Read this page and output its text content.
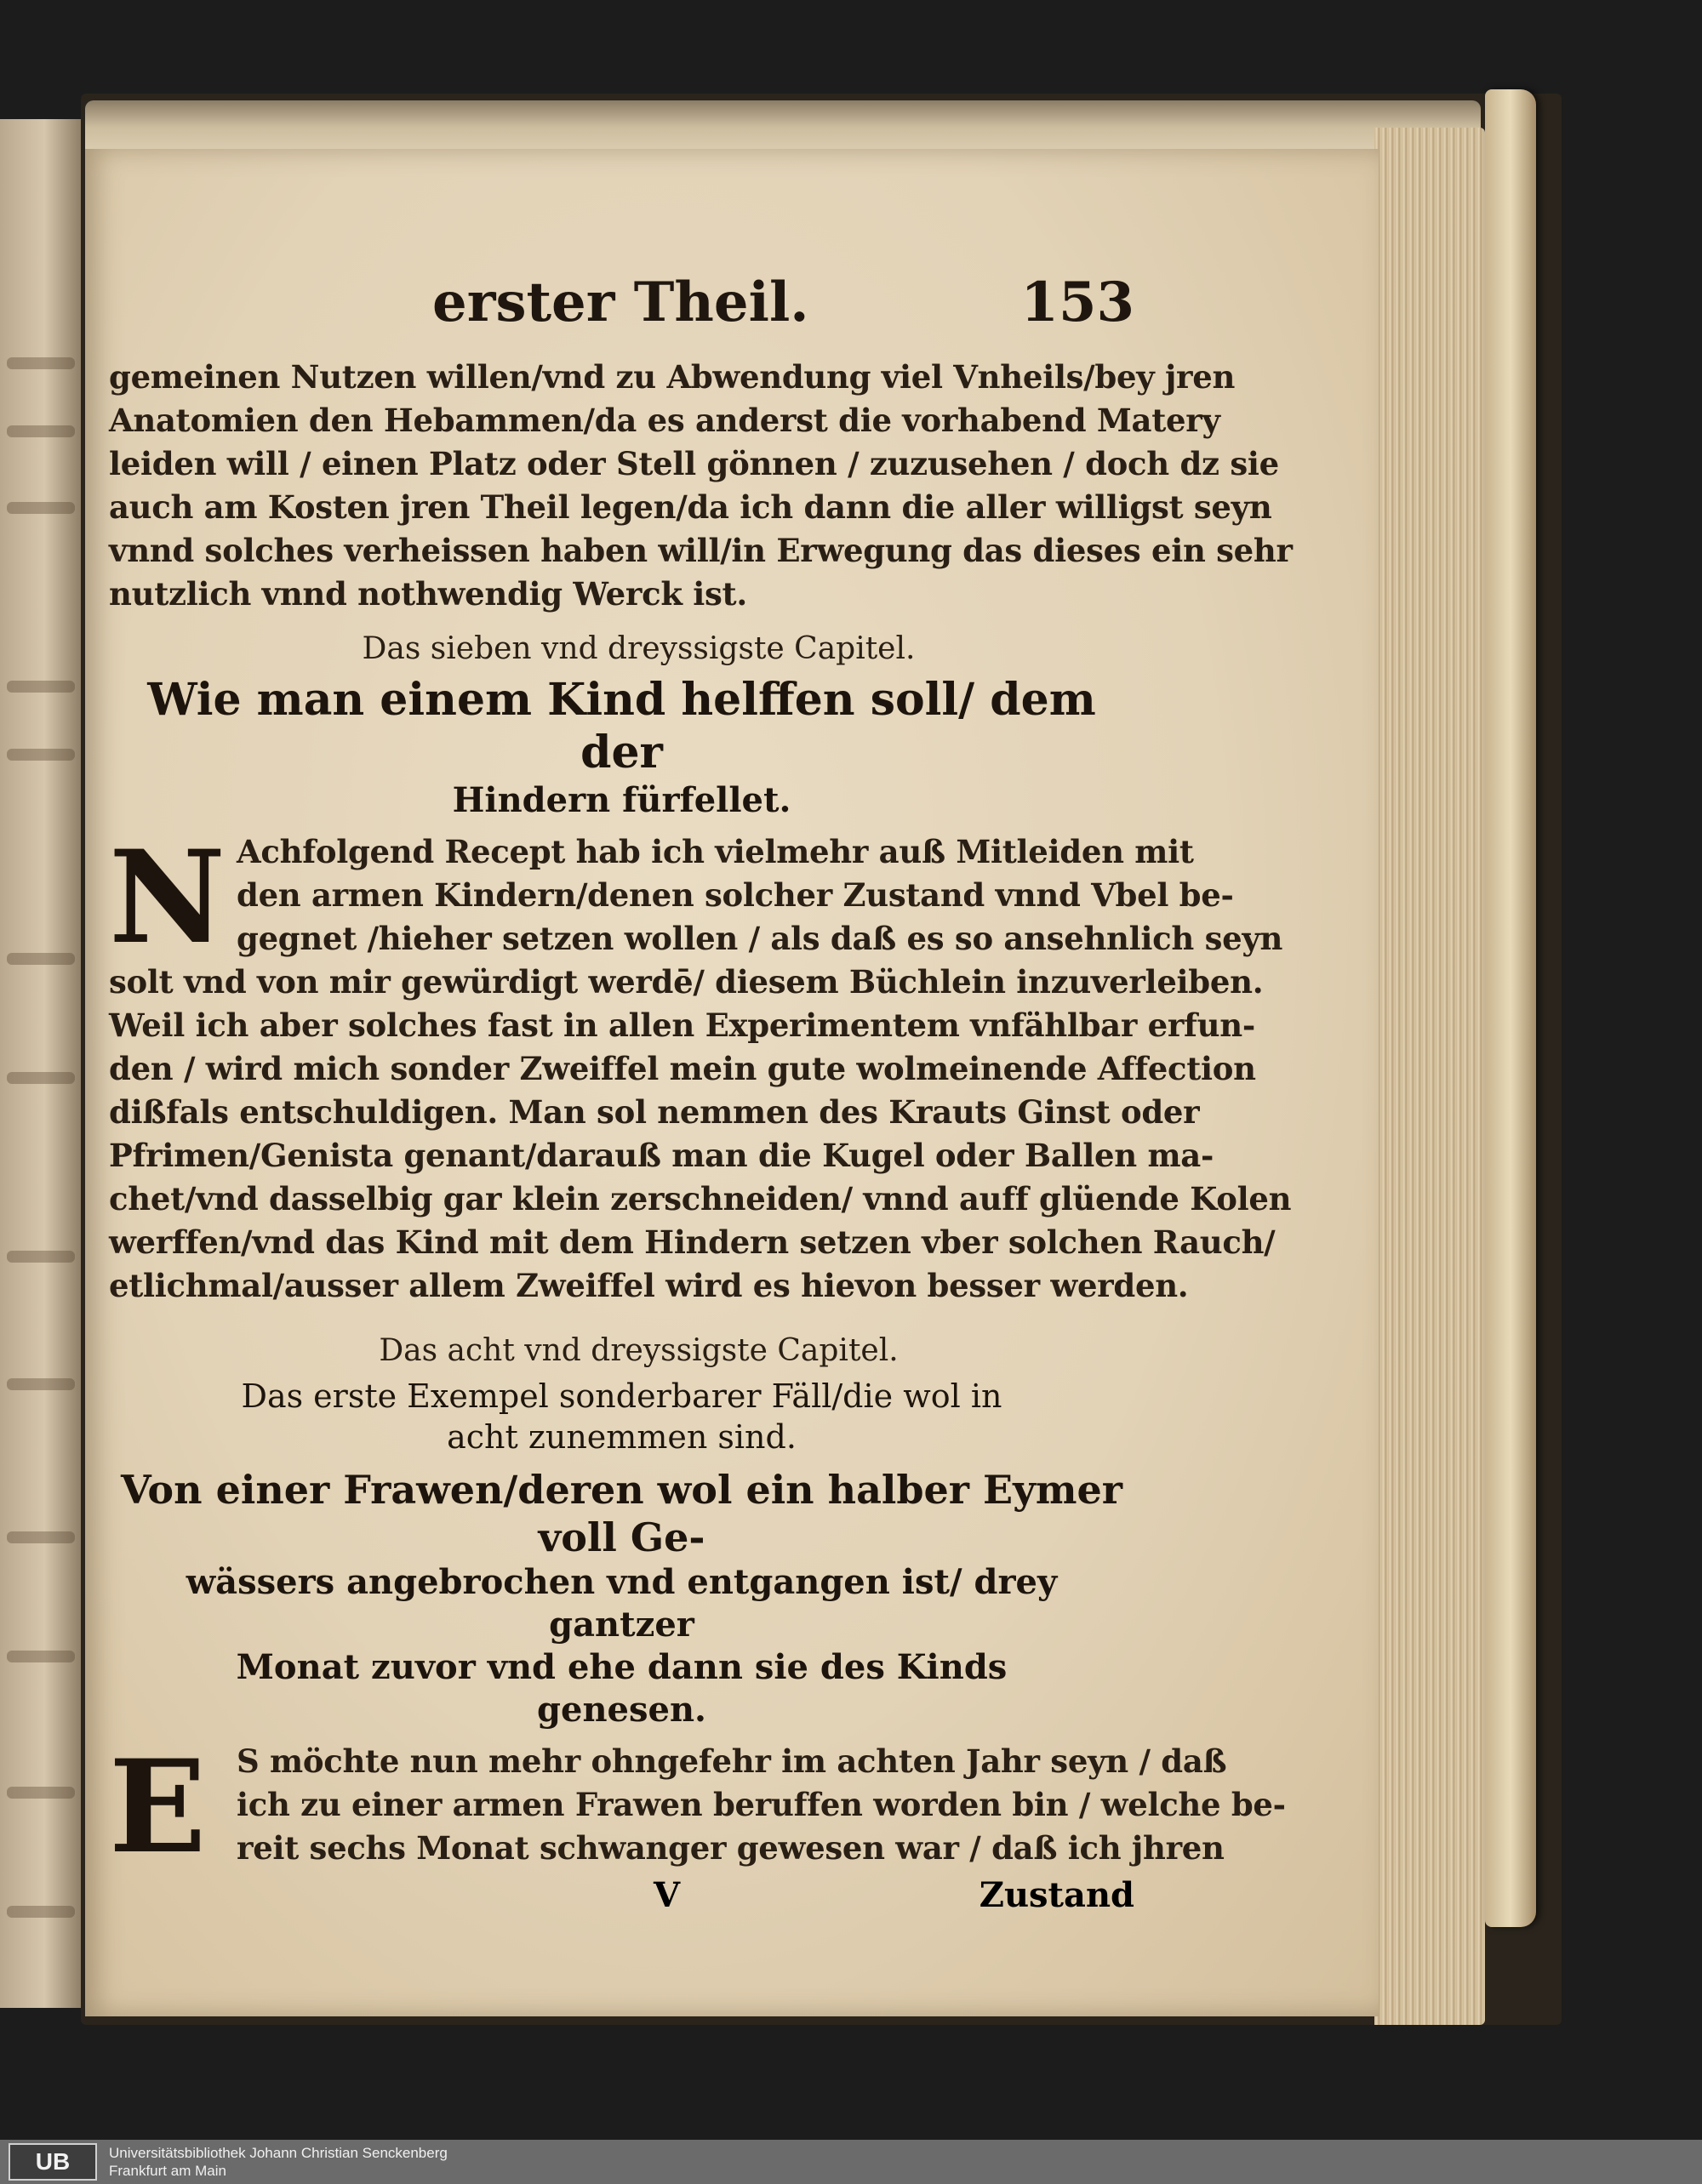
erster Theil.	153
gemeinen Nutzen willen/vnd zu Abwendung viel Vnheils/bey jren
Anatomien den Hebammen/da es anderst die vorhabend Matery
leiden will / einen Platz oder Stell gönnen / zuzusehen / doch dz sie
auch am Kosten jren Theil legen/da ich dann die aller willigst seyn
vnnd solches verheissen haben will/in Erwegung das dieses ein sehr
nutzlich vnnd nothwendig Werck ist.
Das sieben vnd dreyssigste Capitel.
Wie man einem Kind helffen soll/ dem der
Hindern fürfellet.
N Achfolgend Recept hab ich vielmehr auß Mitleiden mit
den armen Kindern/denen solcher Zustand vnnd Vbel be-
gegnet /hieher setzen wollen / als daß es so ansehnlich seyn
solt vnd von mir gewürdigt werdē/ diesem Büchlein inzuverleiben.
Weil ich aber solches fast in allen Experimentem vnfählbar erfun-
den / wird mich sonder Zweiffel mein gute wolmeinende Affection
dißfals entschuldigen. Man sol nemmen des Krauts Ginst oder
Pfrimen/Genista genant/darauß man die Kugel oder Ballen ma-
chet/vnd dasselbig gar klein zerschneiden/ vnnd auff glüende Kolen
werffen/vnd das Kind mit dem Hindern setzen vber solchen Rauch/
etlichmal/ausser allem Zweiffel wird es hievon besser werden.
Das acht vnd dreyssigste Capitel.
Das erste Exempel sonderbarer Fäll/die wol in
acht zunemmen sind.
Von einer Frawen/deren wol ein halber Eymer voll Ge-
wässers angebrochen vnd entgangen ist/ drey gantzer
Monat zuvor vnd ehe dann sie des Kinds
genesen.
E S möchte nun mehr ohngefehr im achten Jahr seyn / daß
ich zu einer armen Frawen beruffen worden bin / welche be-
reit sechs Monat schwanger gewesen war / daß ich jhren
V	Zustand
UB	Universitätsbibliothek Johann Christian Senckenberg
Frankfurt am Main
